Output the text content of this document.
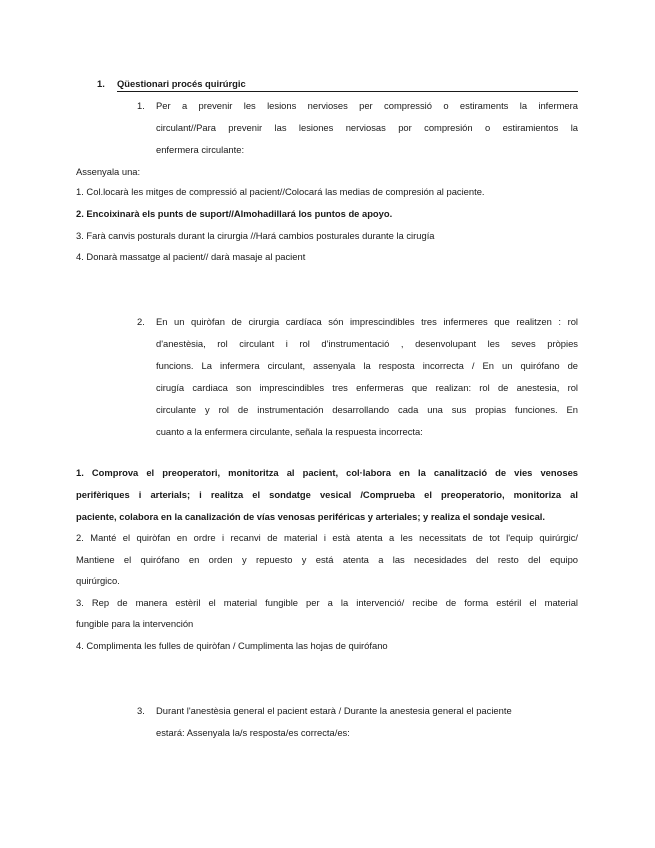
1. Qüestionari procés quirúrgic
1. Per a prevenir les lesions nervioses per compressió o estiraments la infermera
circulant//Para prevenir las lesiones nerviosas por compresión o estiramientos la
enfermera circulante:
Assenyala una:
1. Col.locarà les mitges de compressió al pacient//Colocará las medias de compresión al paciente.
2. Encoixinarà els punts de suport//Almohadillará los puntos de apoyo.
3. Farà canvis posturals durant la cirurgia //Hará cambios posturales durante la cirugía
4. Donarà massatge al pacient// darà masaje al pacient
2. En un quiròfan de cirurgia cardíaca són imprescindibles tres infermeres que realitzen : rol
d'anestèsia, rol circulant i rol d'instrumentació , desenvolupant les seves pròpies
funcions. La infermera circulant, assenyala la resposta incorrecta / En un quirófano de
cirugía cardiaca son imprescindibles tres enfermeras que realizan: rol de anestesia, rol
circulante y rol de instrumentación desarrollando cada una sus propias funciones. En
cuanto a la enfermera circulante, señala la respuesta incorrecta:
1. Comprova el preoperatori, monitoritza al pacient, col·labora en la canalització de vies venoses
perifèriques i arterials; i realitza el sondatge vesical /Comprueba el preoperatorio, monitoriza al
paciente, colabora en la canalización de vías venosas periféricas y arteriales; y realiza el sondaje vesical.
2. Manté el quiròfan en ordre i recanvi de material i està atenta a les necessitats de tot l'equip quirúrgic/
Mantiene el quirófano en orden y repuesto y está atenta a las necesidades del resto del equipo
quirúrgico.
3. Rep de manera estèril el material fungible per a la intervenció/ recibe de forma estéril el material
fungible para la intervención
4. Complimenta les fulles de quiròfan / Cumplimenta las hojas de quirófano
3. Durant l'anestèsia general el pacient estarà / Durante la anestesia general el paciente
estará: Assenyala la/s resposta/es correcta/es:
